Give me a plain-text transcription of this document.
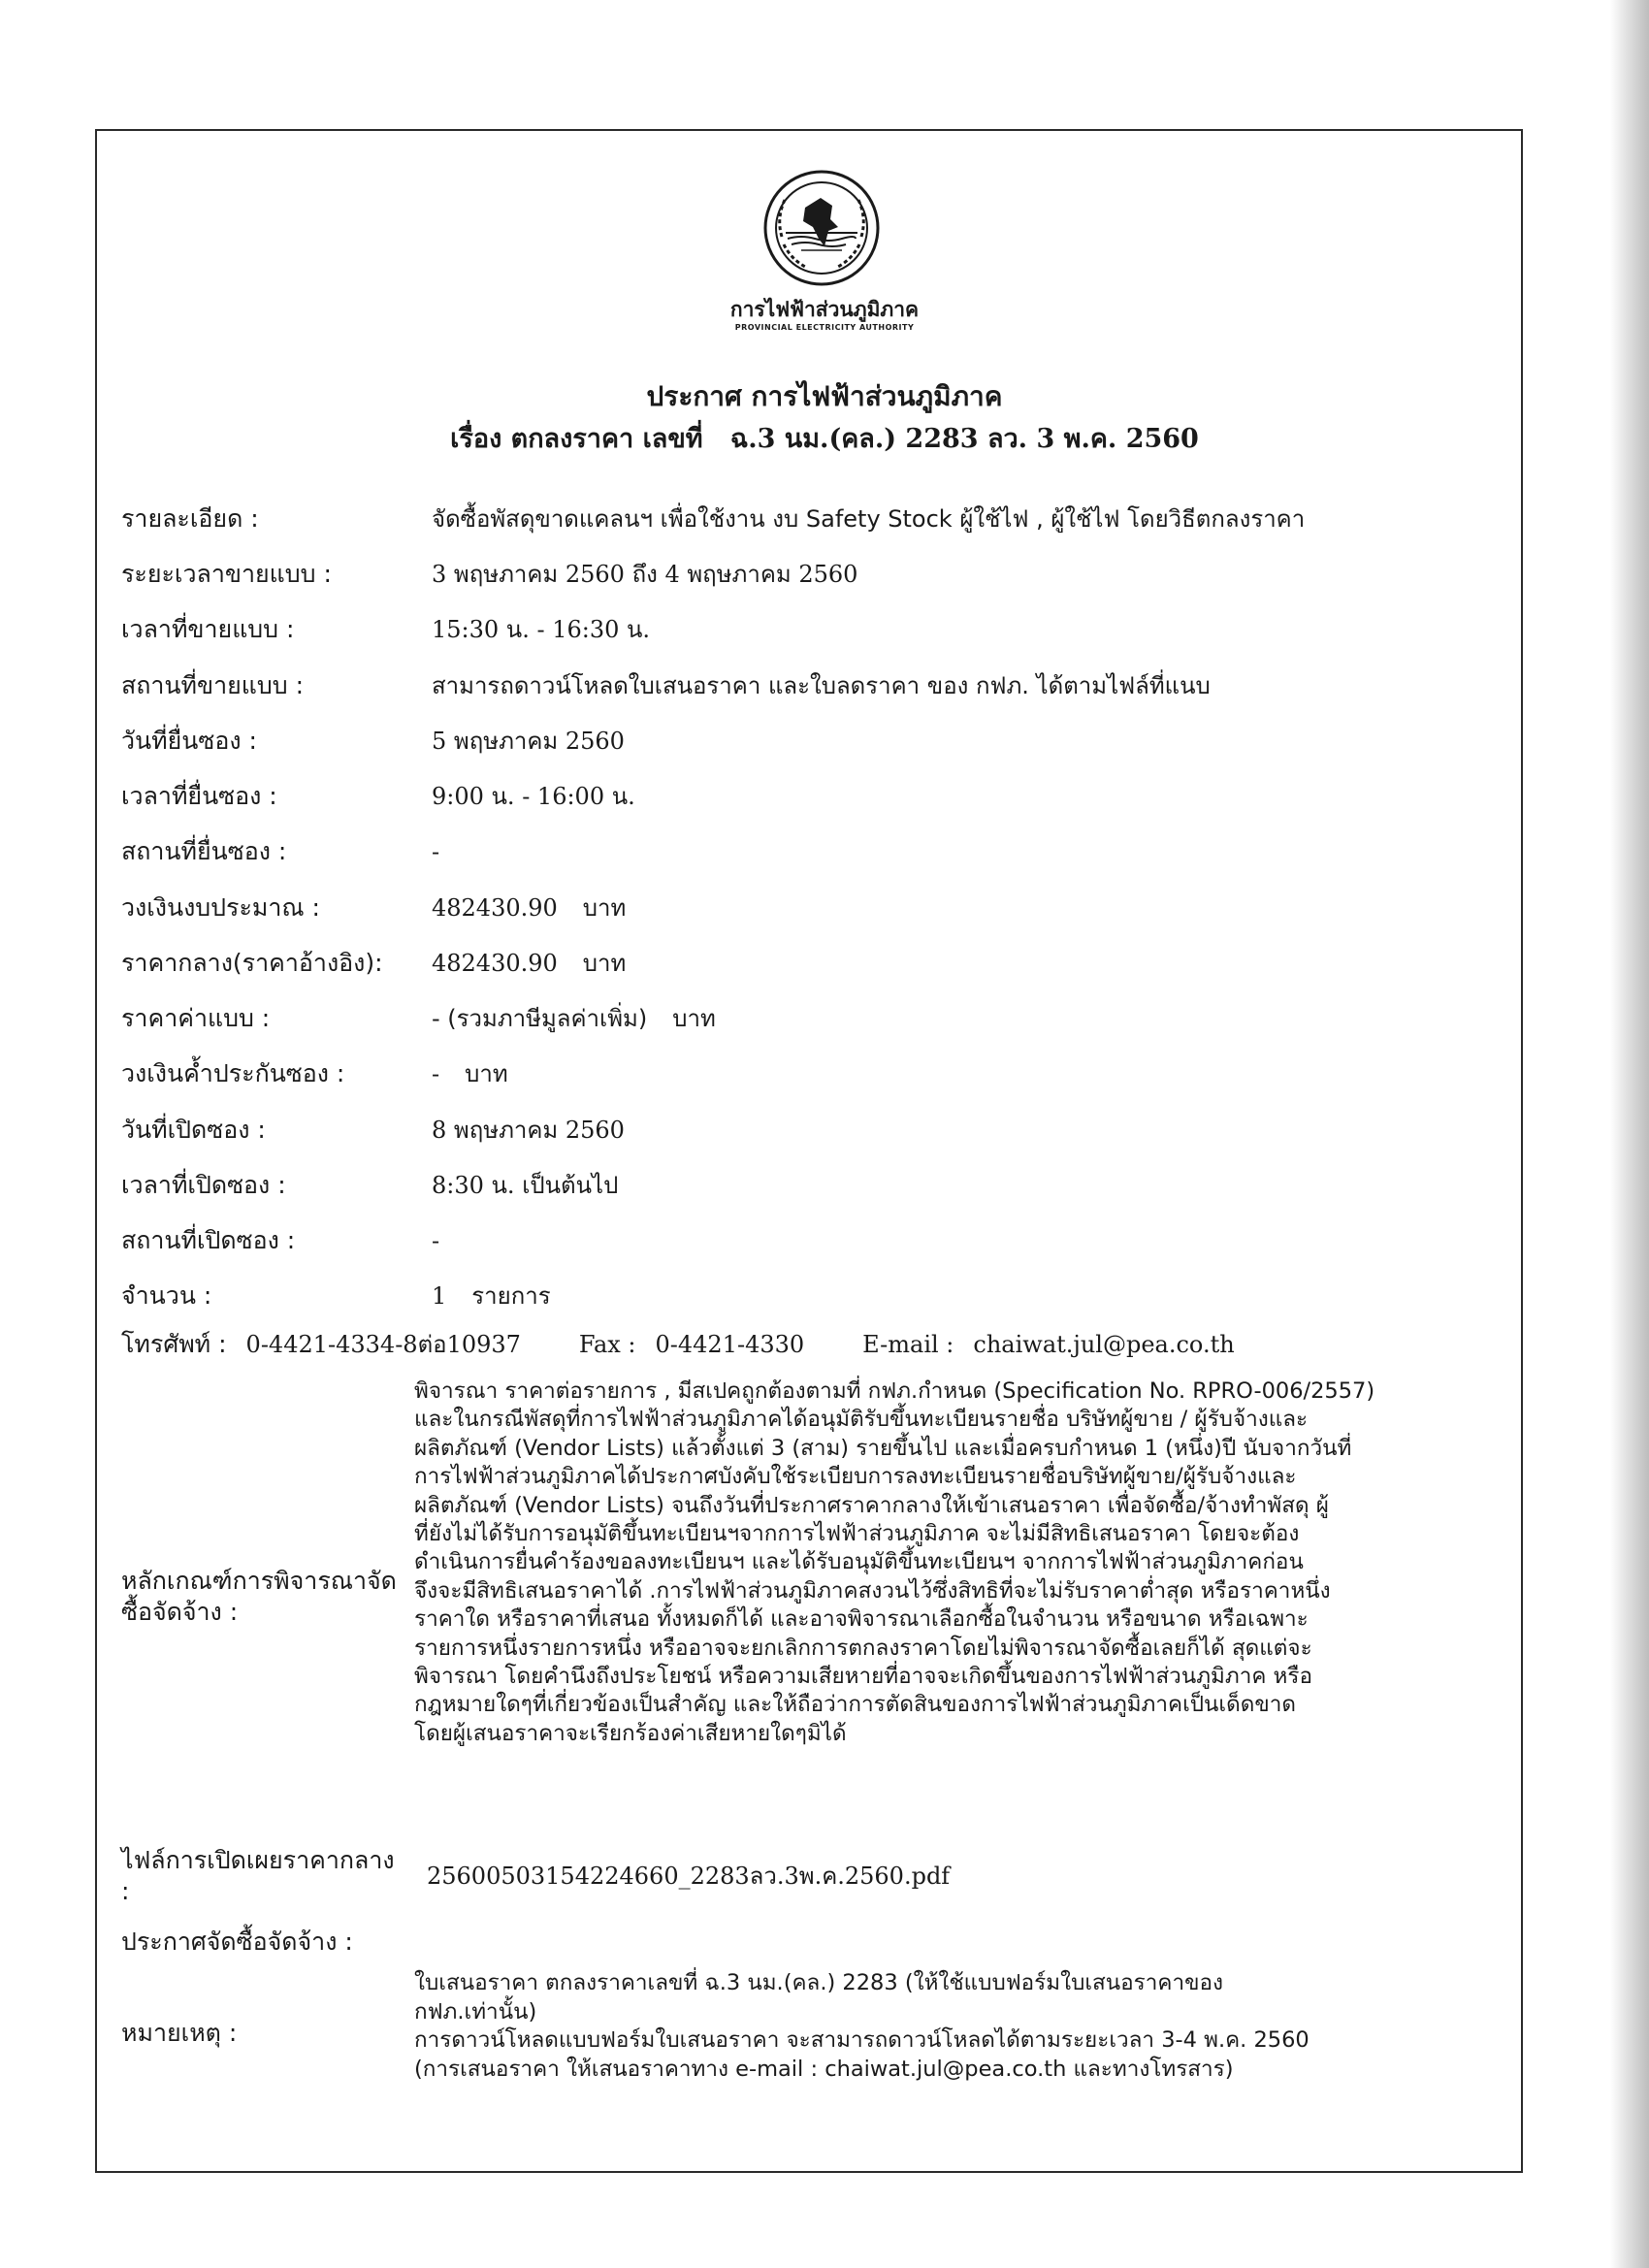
การไฟฟ้าส่วนภูมิภาค
PROVINCIAL ELECTRICITY AUTHORITY
ประกาศ การไฟฟ้าส่วนภูมิภาค
เรื่อง ตกลงราคา เลขที่ ฉ.3 นม.(คล.) 2283 ลว. 3 พ.ค. 2560
รายละเอียด :	จัดซื้อพัสดุขาดแคลนฯ เพื่อใช้งาน งบ Safety Stock ผู้ใช้ไฟ , ผู้ใช้ไฟ โดยวิธีตกลงราคา
ระยะเวลาขายแบบ :	3 พฤษภาคม 2560 ถึง 4 พฤษภาคม 2560
เวลาที่ขายแบบ :	15:30 น. - 16:30 น.
สถานที่ขายแบบ :	สามารถดาวน์โหลดใบเสนอราคา และใบลดราคา ของ กฟภ. ได้ตามไฟล์ที่แนบ
วันที่ยื่นซอง :	5 พฤษภาคม 2560
เวลาที่ยื่นซอง :	9:00 น. - 16:00 น.
สถานที่ยื่นซอง :	-
วงเงินงบประมาณ :	482430.90 บาท
ราคากลาง(ราคาอ้างอิง):	482430.90 บาท
ราคาค่าแบบ :	- (รวมภาษีมูลค่าเพิ่ม) บาท
วงเงินค้ำประกันซอง :	- บาท
วันที่เปิดซอง :	8 พฤษภาคม 2560
เวลาที่เปิดซอง :	8:30 น. เป็นต้นไป
สถานที่เปิดซอง :	-
จำนวน :	1 รายการ
โทรศัพท์ : 0-4421-4334-8ต่อ10937	Fax : 0-4421-4330	E-mail : chaiwat.jul@pea.co.th
หลักเกณฑ์การพิจารณาจัด
ซื้อจัดจ้าง :
พิจารณา ราคาต่อรายการ , มีสเปคถูกต้องตามที่ กฟภ.กำหนด (Specification No. RPRO-006/2557)
และในกรณีพัสดุที่การไฟฟ้าส่วนภูมิภาคได้อนุมัติรับขึ้นทะเบียนรายชื่อ บริษัทผู้ขาย / ผู้รับจ้างและ
ผลิตภัณฑ์ (Vendor Lists) แล้วตั้งแต่ 3 (สาม) รายขึ้นไป และเมื่อครบกำหนด 1 (หนึ่ง)ปี นับจากวันที่
การไฟฟ้าส่วนภูมิภาคได้ประกาศบังคับใช้ระเบียบการลงทะเบียนรายชื่อบริษัทผู้ขาย/ผู้รับจ้างและ
ผลิตภัณฑ์ (Vendor Lists) จนถึงวันที่ประกาศราคากลางให้เข้าเสนอราคา เพื่อจัดซื้อ/จ้างทำพัสดุ ผู้
ที่ยังไม่ได้รับการอนุมัติขึ้นทะเบียนฯจากการไฟฟ้าส่วนภูมิภาค จะไม่มีสิทธิเสนอราคา โดยจะต้อง
ดำเนินการยื่นคำร้องขอลงทะเบียนฯ และได้รับอนุมัติขึ้นทะเบียนฯ จากการไฟฟ้าส่วนภูมิภาคก่อน
จึงจะมีสิทธิเสนอราคาได้ .การไฟฟ้าส่วนภูมิภาคสงวนไว้ซึ่งสิทธิที่จะไม่รับราคาต่ำสุด หรือราคาหนึ่ง
ราคาใด หรือราคาที่เสนอ ทั้งหมดก็ได้ และอาจพิจารณาเลือกซื้อในจำนวน หรือขนาด หรือเฉพาะ
รายการหนึ่งรายการหนึ่ง หรืออาจจะยกเลิกการตกลงราคาโดยไม่พิจารณาจัดซื้อเลยก็ได้ สุดแต่จะ
พิจารณา โดยคำนึงถึงประโยชน์ หรือความเสียหายที่อาจจะเกิดขึ้นของการไฟฟ้าส่วนภูมิภาค หรือ
กฎหมายใดๆที่เกี่ยวข้องเป็นสำคัญ และให้ถือว่าการตัดสินของการไฟฟ้าส่วนภูมิภาคเป็นเด็ดขาด
โดยผู้เสนอราคาจะเรียกร้องค่าเสียหายใดๆมิได้
ไฟล์การเปิดเผยราคากลาง
:
25600503154224660_2283ลว.3พ.ค.2560.pdf
ประกาศจัดซื้อจัดจ้าง :
หมายเหตุ :
ใบเสนอราคา ตกลงราคาเลขที่ ฉ.3 นม.(คล.) 2283 (ให้ใช้แบบฟอร์มใบเสนอราคาของ
กฟภ.เท่านั้น)
การดาวน์โหลดแบบฟอร์มใบเสนอราคา จะสามารถดาวน์โหลดได้ตามระยะเวลา 3-4 พ.ค. 2560
(การเสนอราคา ให้เสนอราคาทาง e-mail : chaiwat.jul@pea.co.th และทางโทรสาร)
